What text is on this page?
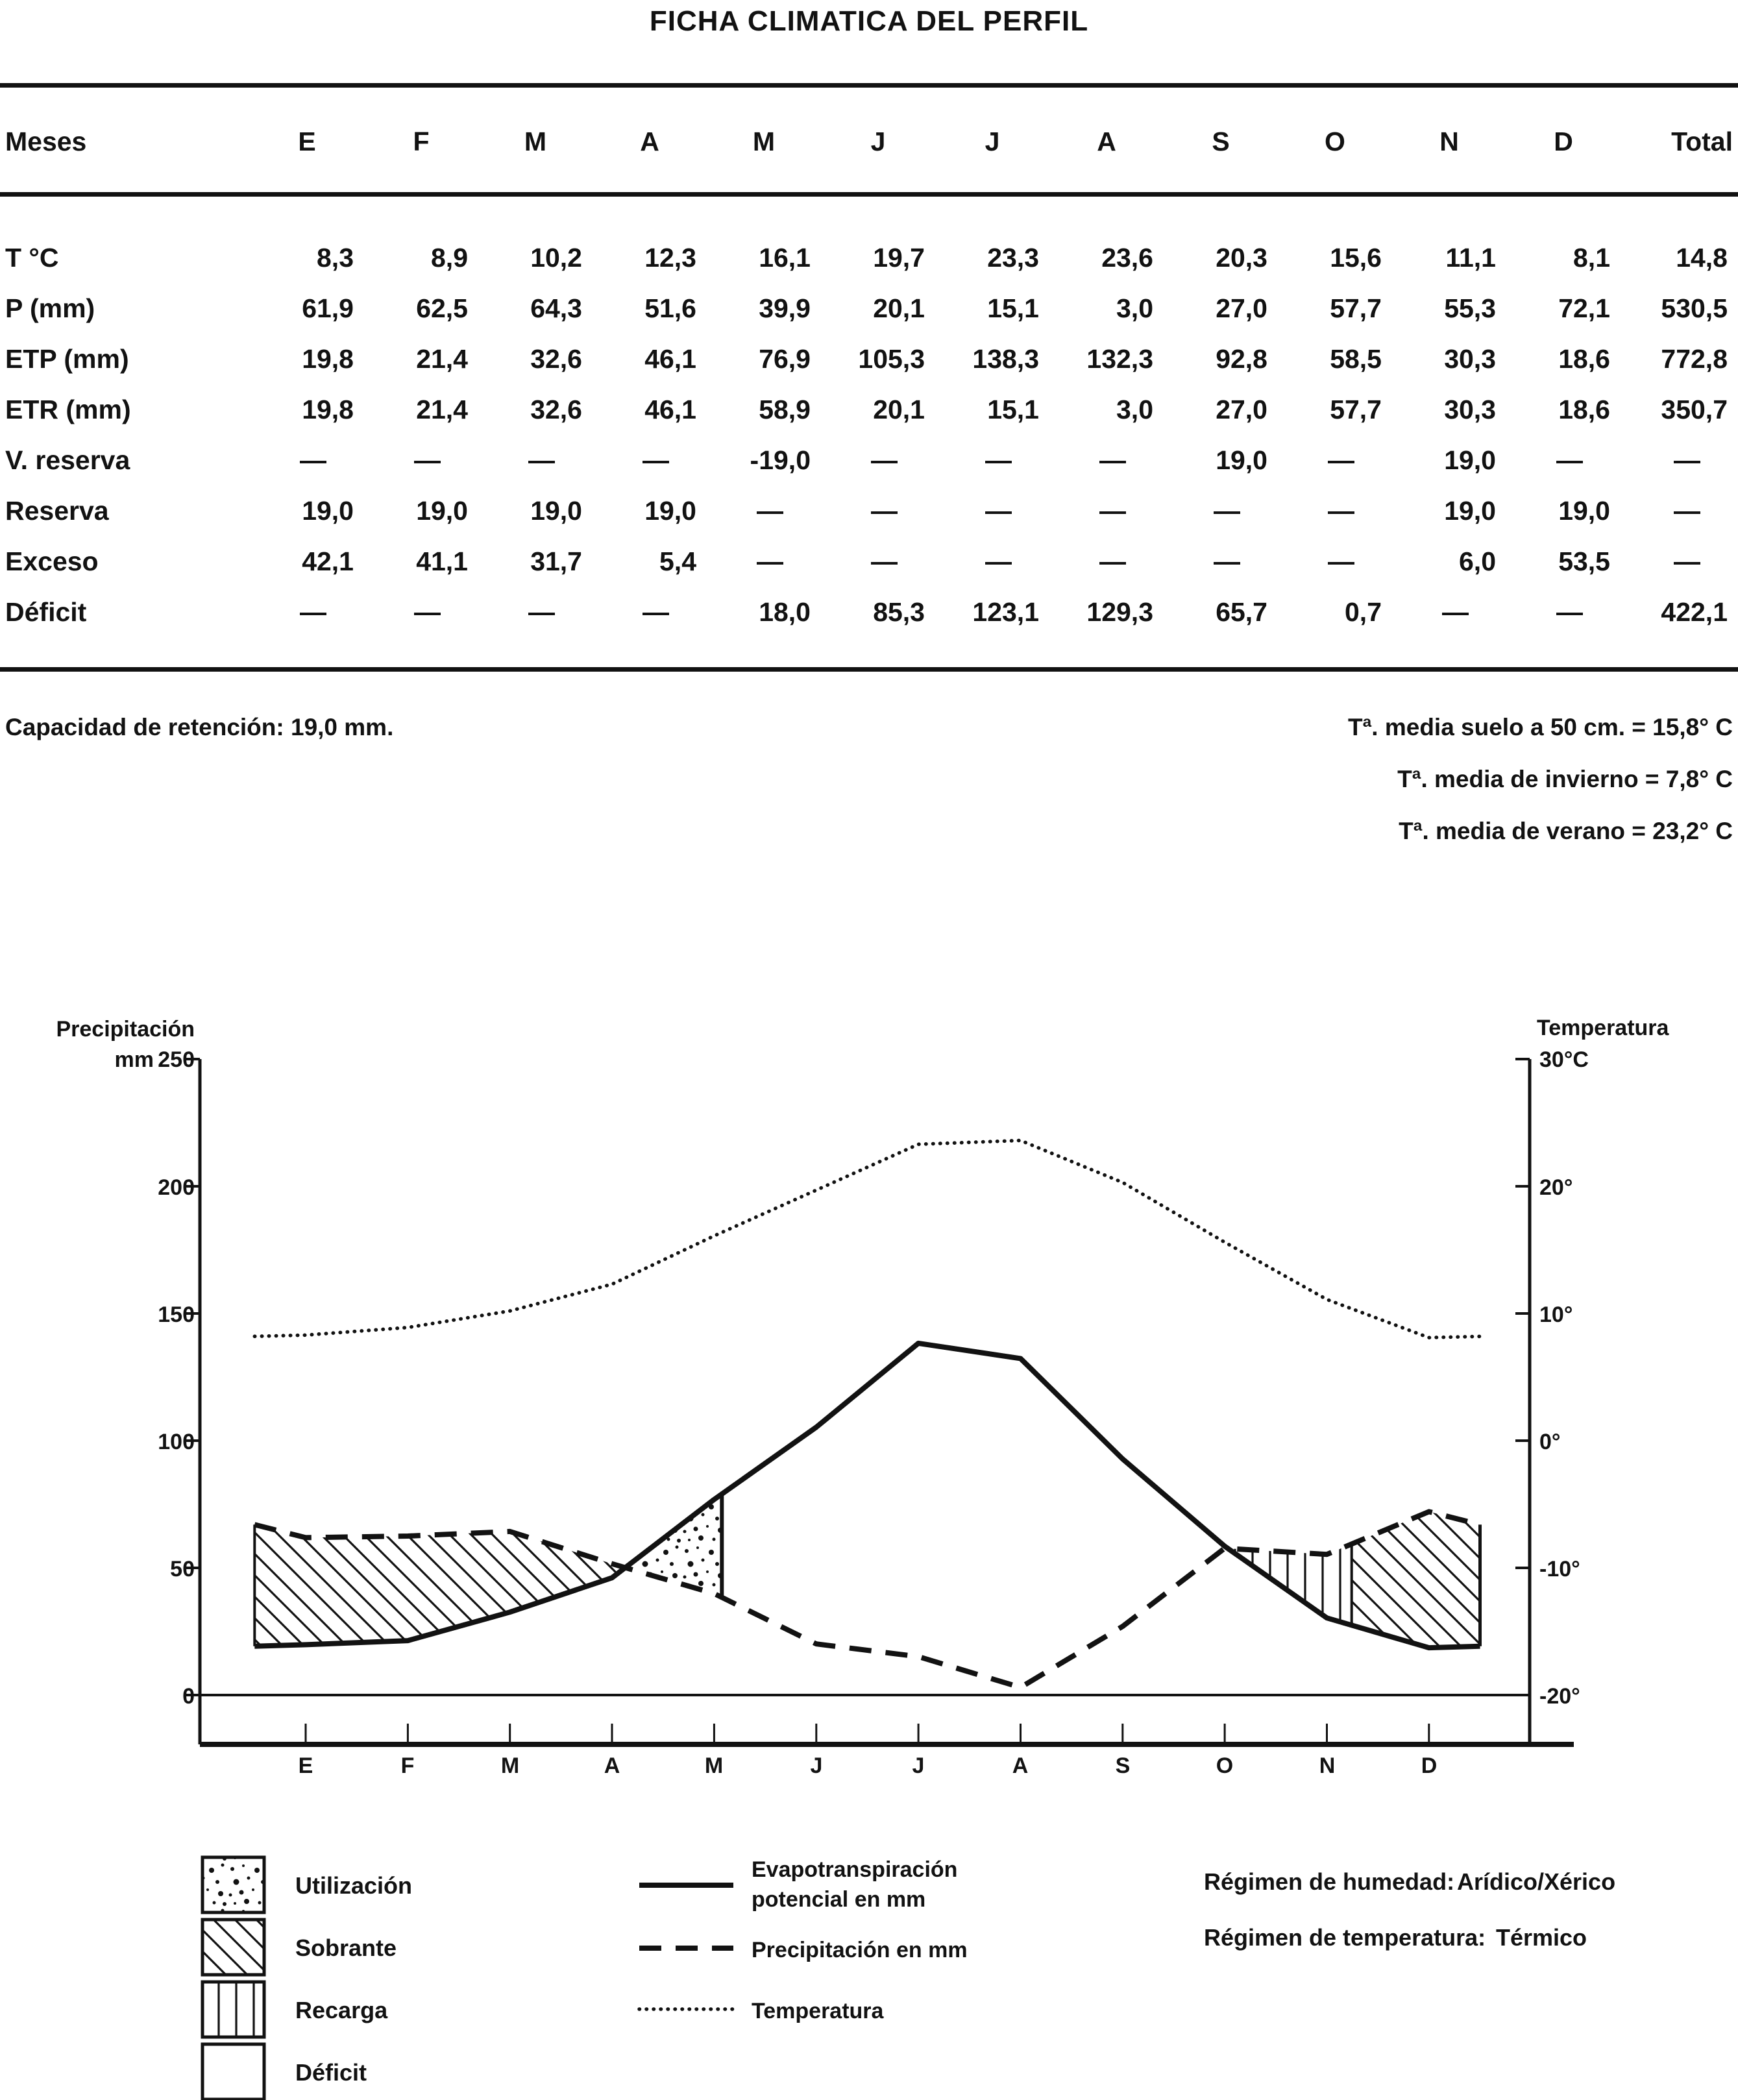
FICHA CLIMATICA DEL PERFIL
Meses	E	F	M	A	M	J	J	A	S	O	N	D	Total
T °C	8,3	8,9	10,2	12,3	16,1	19,7	23,3	23,6	20,3	15,6	11,1	8,1	14,8
P (mm)	61,9	62,5	64,3	51,6	39,9	20,1	15,1	3,0	27,0	57,7	55,3	72,1	530,5
ETP (mm)	19,8	21,4	32,6	46,1	76,9	105,3	138,3	132,3	92,8	58,5	30,3	18,6	772,8
ETR (mm)	19,8	21,4	32,6	46,1	58,9	20,1	15,1	3,0	27,0	57,7	30,3	18,6	350,7
V. reserva	—	—	—	—	-19,0	—	—	—	19,0	—	19,0	—	—
Reserva	19,0	19,0	19,0	19,0	—	—	—	—	—	—	19,0	19,0	—
Exceso	42,1	41,1	31,7	5,4	—	—	—	—	—	—	6,0	53,5	—
Déficit	—	—	—	—	18,0	85,3	123,1	129,3	65,7	0,7	—	—	422,1
Capacidad de retención: 19,0 mm.	Tª. media suelo a 50 cm. = 15,8° C
Tª. media de invierno = 7,8° C
Tª. media de verano = 23,2° C
Precipitación
mm 250
200
150
100
50
0
Temperatura
30°C
20°
10°
0°
-10°
-20°
E	F	M	A	M	J	J	A	S	O	N	D
Utilización
Sobrante
Recarga
Déficit
Evapotranspiración
potencial en mm
Precipitación en mm
Temperatura
Régimen de humedad: Arídico/Xérico
Régimen de temperatura: Térmico
